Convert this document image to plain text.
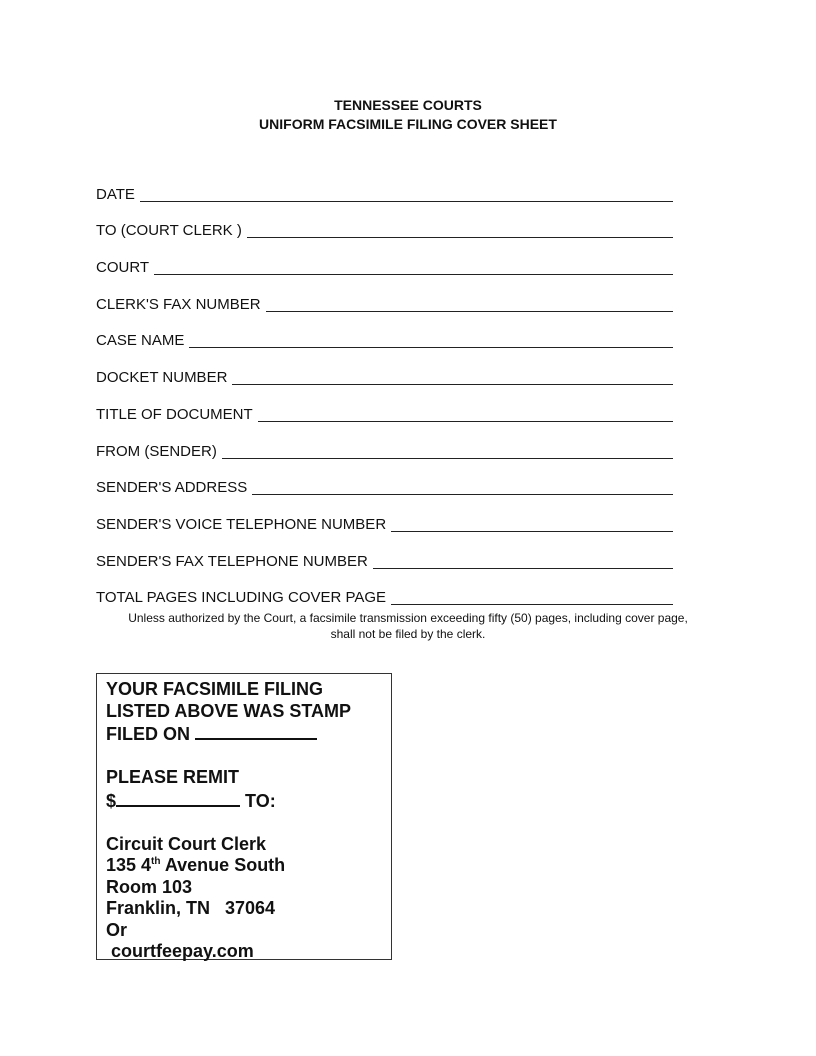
TENNESSEE COURTS
UNIFORM FACSIMILE FILING COVER SHEET
DATE
TO (COURT CLERK )
COURT
CLERK'S FAX NUMBER
CASE NAME
DOCKET NUMBER
TITLE OF DOCUMENT
FROM (SENDER)
SENDER'S ADDRESS
SENDER'S VOICE TELEPHONE NUMBER
SENDER'S FAX TELEPHONE NUMBER
TOTAL PAGES INCLUDING COVER PAGE
Unless authorized by the Court, a facsimile transmission exceeding fifty (50) pages, including cover page,
shall not be filed by the clerk.
YOUR FACSIMILE FILING
LISTED ABOVE WAS STAMP
FILED ON

PLEASE REMIT
$	TO:

Circuit Court Clerk
135 4th Avenue South
Room 103
Franklin, TN   37064
Or
courtfeepay.com
